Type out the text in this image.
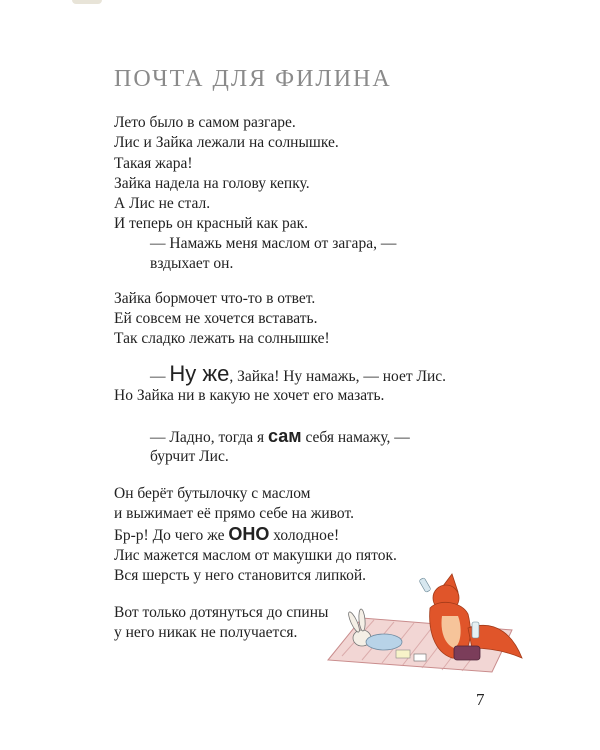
ПОЧТА ДЛЯ ФИЛИНА

Лето было в самом разгаре.

Лис и Зайка лежали на солнышке.

Такая жара!

Зайка надела на голову кепку.

А Лис не стал.

И теперь он красный как рак.

— Намажь меня маслом от загара, —

вздыхает он.

Зайка бормочет что-то в ответ.

Ей совсем не хочется вставать.

Так сладко лежать на солнышке!

— Ну же, Зайка! Ну намажь, — ноет Лис.

Но Зайка ни в какую не хочет его мазать.

— Ладно, тогда я сам себя намажу, —

бурчит Лис.

Он берёт бутылочку с маслом

и выжимает её прямо себе на живот.

Бр-р! До чего же ОНО холодное!

Лис мажется маслом от макушки до пяток.

Вся шерсть у него становится липкой.

Вот только дотянуться до спины

у него никак не получается.

7
